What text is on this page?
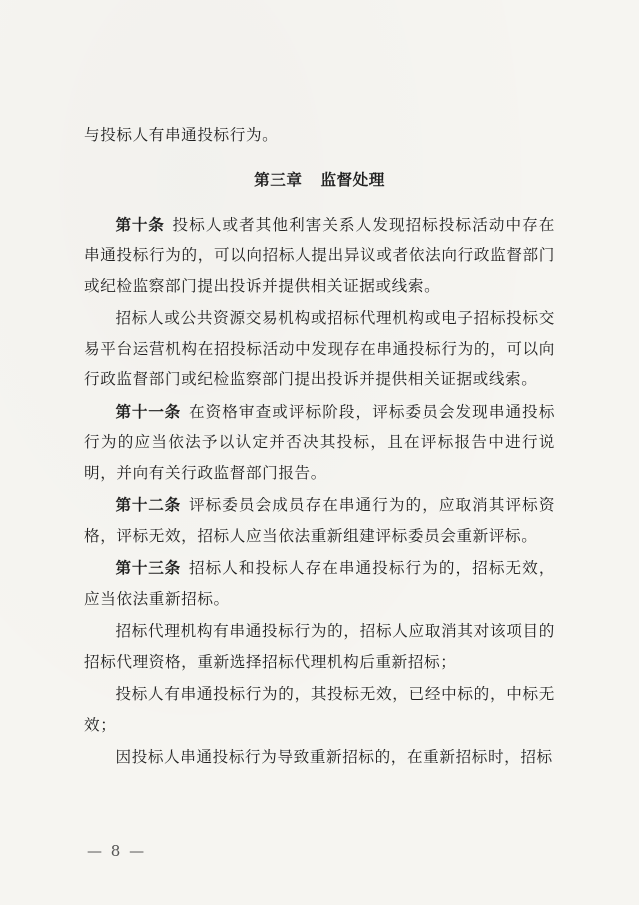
与投标人有串通投标行为。

第三章 监督处理

第十条 投标人或者其他利害关系人发现招标投标活动中存在串通投标行为的，可以向招标人提出异议或者依法向行政监督部门或纪检监察部门提出投诉并提供相关证据或线索。

招标人或公共资源交易机构或招标代理机构或电子招标投标交易平台运营机构在招投标活动中发现存在串通投标行为的，可以向行政监督部门或纪检监察部门提出投诉并提供相关证据或线索。

第十一条 在资格审查或评标阶段，评标委员会发现串通投标行为的应当依法予以认定并否决其投标，且在评标报告中进行说明，并向有关行政监督部门报告。

第十二条 评标委员会成员存在串通行为的，应取消其评标资格，评标无效，招标人应当依法重新组建评标委员会重新评标。

第十三条 招标人和投标人存在串通投标行为的，招标无效，应当依法重新招标。

招标代理机构有串通投标行为的，招标人应取消其对该项目的招标代理资格，重新选择招标代理机构后重新招标；

投标人有串通投标行为的，其投标无效，已经中标的，中标无效；

因投标人串通投标行为导致重新招标的，在重新招标时，招标

— 8 —
